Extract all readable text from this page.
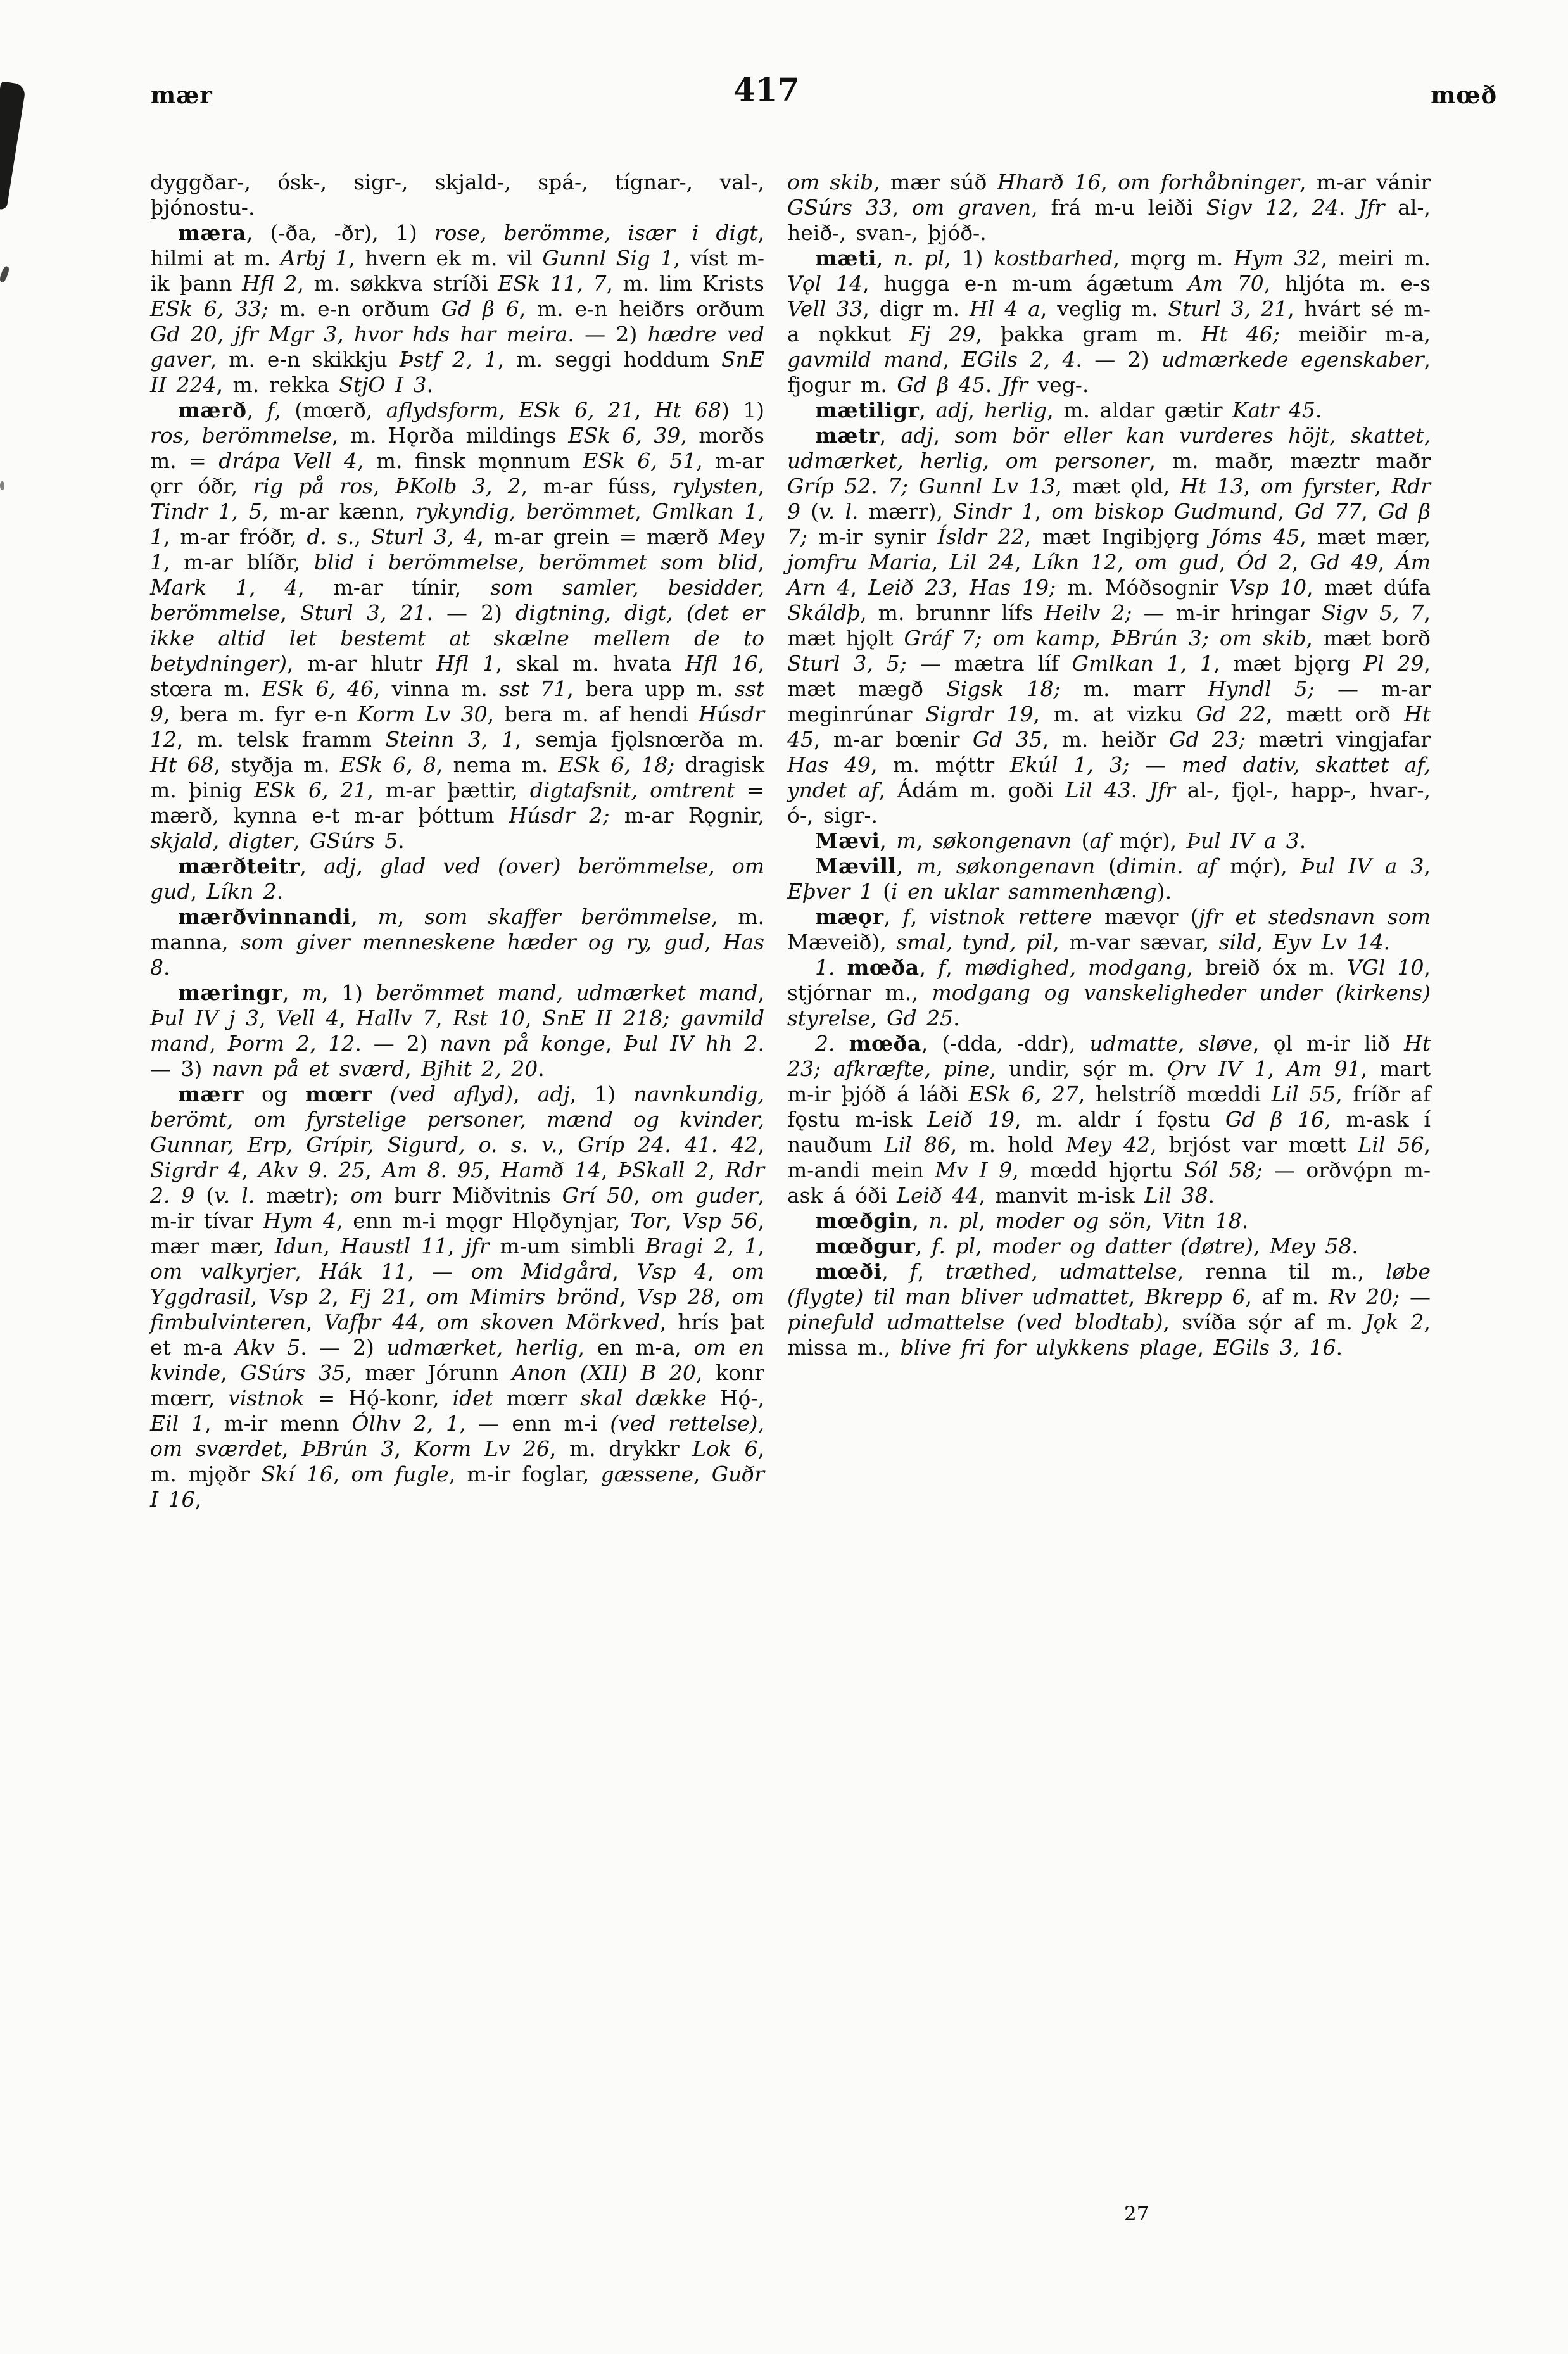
mær	417	mœð

dyggðar-, ósk-, sigr-, skjald-, spá-, tígnar-, val-, þjónostu-.

mæra, (-ða, -ðr), 1) rose, berömme, især i digt, hilmi at m. Arbj 1, hvern ek m. vil Gunnl Sig 1, víst m-ik þann Hfl 2, m. søkkva stríði ESk 11, 7, m. lim Krists ESk 6, 33; m. e-n orðum Gd β 6, m. e-n heiðrs orðum Gd 20, jfr Mgr 3, hvor hds har meira. — 2) hædre ved gaver, m. e-n skikkju Þstf 2, 1, m. seggi hoddum SnE II 224, m. rekka StjO I 3.

mærð, f, (mœrð, aflydsform, ESk 6, 21, Ht 68) 1) ros, berömmelse, m. Hǫrða mildings ESk 6, 39, morðs m. = drápa Vell 4, m. finsk mǫnnum ESk 6, 51, m-ar ǫrr óðr, rig på ros, ÞKolb 3, 2, m-ar fúss, rylysten, Tindr 1, 5, m-ar kænn, rykyndig, berömmet, Gmlkan 1, 1, m-ar fróðr, d. s., Sturl 3, 4, m-ar grein = mærð Mey 1, m-ar blíðr, blid i berömmelse, berömmet som blid, Mark 1, 4, m-ar tínir, som samler, besidder, berömmelse, Sturl 3, 21. — 2) digtning, digt, (det er ikke altid let bestemt at skælne mellem de to betydninger), m-ar hlutr Hfl 1, skal m. hvata Hfl 16, stœra m. ESk 6, 46, vinna m. sst 71, bera upp m. sst 9, bera m. fyr e-n Korm Lv 30, bera m. af hendi Húsdr 12, m. telsk framm Steinn 3, 1, semja fjǫlsnœrða m. Ht 68, styðja m. ESk 6, 8, nema m. ESk 6, 18; dragisk m. þinig ESk 6, 21, m-ar þættir, digtafsnit, omtrent = mærð, kynna e-t m-ar þóttum Húsdr 2; m-ar Rǫgnir, skjald, digter, GSúrs 5.

mærðteitr, adj, glad ved (over) berömmelse, om gud, Líkn 2.

mærðvinnandi, m, som skaffer berömmelse, m. manna, som giver menneskene hæder og ry, gud, Has 8.

mæringr, m, 1) berömmet mand, udmærket mand, Þul IV j 3, Vell 4, Hallv 7, Rst 10, SnE II 218; gavmild mand, Þorm 2, 12. — 2) navn på konge, Þul IV hh 2. — 3) navn på et sværd, Bjhit 2, 20.

mærr og mœrr (ved aflyd), adj, 1) navnkundig, berömt, om fyrstelige personer, mænd og kvinder, Gunnar, Erp, Grípir, Sigurd, o. s. v., Gríp 24. 41. 42, Sigrdr 4, Akv 9. 25, Am 8. 95, Hamð 14, ÞSkall 2, Rdr 2. 9 (v. l. mætr); om burr Miðvitnis Grí 50, om guder, m-ir tívar Hym 4, enn m-i mǫgr Hlǫðynjar, Tor, Vsp 56, mær mær, Idun, Haustl 11, jfr m-um simbli Bragi 2, 1, om valkyrjer, Hák 11, — om Midgård, Vsp 4, om Yggdrasil, Vsp 2, Fj 21, om Mimirs brönd, Vsp 28, om fimbulvinteren, Vafþr 44, om skoven Mörkved, hrís þat et m-a Akv 5. — 2) udmærket, herlig, en m-a, om en kvinde, GSúrs 35, mær Jórunn Anon (XII) B 20, konr mœrr, vistnok = Hǫ́-konr, idet mœrr skal dække Hǫ́-, Eil 1, m-ir menn Ólhv 2, 1, — enn m-i (ved rettelse), om sværdet, ÞBrún 3, Korm Lv 26, m. drykkr Lok 6, m. mjǫðr Skí 16, om fugle, m-ir foglar, gæssene, Guðr I 16,

om skib, mær súð Hharð 16, om forhåbninger, m-ar vánir GSúrs 33, om graven, frá m-u leiði Sigv 12, 24. Jfr al-, heið-, svan-, þjóð-.

mæti, n. pl, 1) kostbarhed, mǫrg m. Hym 32, meiri m. Vǫl 14, hugga e-n m-um ágætum Am 70, hljóta m. e-s Vell 33, digr m. Hl 4 a, veglig m. Sturl 3, 21, hvárt sé m-a nǫkkut Fj 29, þakka gram m. Ht 46; meiðir m-a, gavmild mand, EGils 2, 4. — 2) udmærkede egenskaber, fjogur m. Gd β 45. Jfr veg-.

mætiligr, adj, herlig, m. aldar gætir Katr 45.

mætr, adj, som bör eller kan vurderes höjt, skattet, udmærket, herlig, om personer, m. maðr, mæztr maðr Gríp 52. 7; Gunnl Lv 13, mæt ǫld, Ht 13, om fyrster, Rdr 9 (v. l. mærr), Sindr 1, om biskop Gudmund, Gd 77, Gd β 7; m-ir synir Ísldr 22, mæt Ingibjǫrg Jóms 45, mæt mær, jomfru Maria, Lil 24, Líkn 12, om gud, Ód 2, Gd 49, Ám Arn 4, Leið 23, Has 19; m. Móðsognir Vsp 10, mæt dúfa Skáldþ, m. brunnr lífs Heilv 2; — m-ir hringar Sigv 5, 7, mæt hjǫlt Gráf 7; om kamp, ÞBrún 3; om skib, mæt borð Sturl 3, 5; — mætra líf Gmlkan 1, 1, mæt bjǫrg Pl 29, mæt mægð Sigsk 18; m. marr Hyndl 5; — m-ar meginrúnar Sigrdr 19, m. at vizku Gd 22, mætt orð Ht 45, m-ar bœnir Gd 35, m. heiðr Gd 23; mætri vingjafar Has 49, m. mǫ́ttr Ekúl 1, 3; — med dativ, skattet af, yndet af, Ádám m. goði Lil 43. Jfr al-, fjǫl-, happ-, hvar-, ó-, sigr-.

Mævi, m, søkongenavn (af mǫ́r), Þul IV a 3.

Mævill, m, søkongenavn (dimin. af mǫ́r), Þul IV a 3, Eþver 1 (i en uklar sammenhæng).

mæǫr, f, vistnok rettere mævǫr (jfr et stedsnavn som Mæveið), smal, tynd, pil, m-var sævar, sild, Eyv Lv 14.

1. mœða, f, mødighed, modgang, breið óx m. VGl 10, stjórnar m., modgang og vanskeligheder under (kirkens) styrelse, Gd 25.

2. mœða, (-dda, -ddr), udmatte, sløve, ǫl m-ir lið Ht 23; afkræfte, pine, undir, sǫ́r m. Ǫrv IV 1, Am 91, mart m-ir þjóð á láði ESk 6, 27, helstríð mœddi Lil 55, fríðr af fǫstu m-isk Leið 19, m. aldr í fǫstu Gd β 16, m-ask í nauðum Lil 86, m. hold Mey 42, brjóst var mœtt Lil 56, m-andi mein Mv I 9, mœdd hjǫrtu Sól 58; — orðvǫ́pn m-ask á óði Leið 44, manvit m-isk Lil 38.

mœðgin, n. pl, moder og sön, Vitn 18.

mœðgur, f. pl, moder og datter (døtre), Mey 58.

mœði, f, træthed, udmattelse, renna til m., løbe (flygte) til man bliver udmattet, Bkrepp 6, af m. Rv 20; — pinefuld udmattelse (ved blodtab), svíða sǫ́r af m. Jǫk 2, missa m., blive fri for ulykkens plage, EGils 3, 16.

27
